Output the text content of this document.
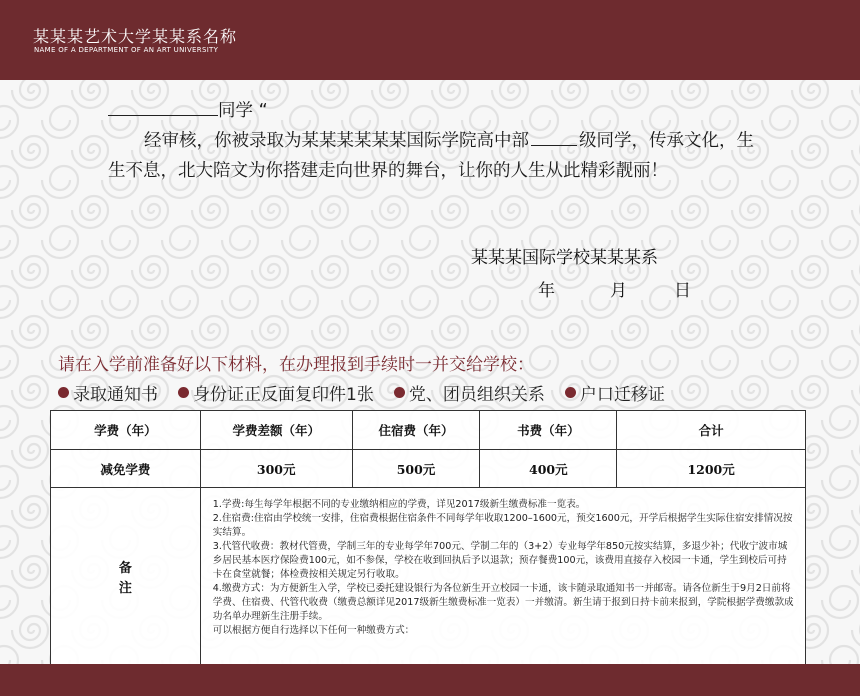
某某某艺术大学某某系名称
NAME OF A DEPARTMENT OF AN ART UNIVERSITY
同学 “
经审核，你被录取为某某某某某某国际学院高中部	级同学，传承文化，生生不息，北大陪文为你搭建走向世界的舞台，让你的人生从此精彩靓丽！
某某某国际学校某某某系
年	月	日
请在入学前准备好以下材料，在办理报到手续时一并交给学校：
录取通知书 身份证正反面复印件1张 党、团员组织关系 户口迁移证
学费（年）	学费差额（年）	住宿费（年）	书费（年）	合计
减免学费	300元	500元	400元	1200元

备注	1.学费:每生每学年根据不同的专业缴纳相应的学费，详见2017级新生缴费标准一览表。
2.住宿费:住宿由学校统一安排，住宿费根据住宿条件不同每学年收取1200–1600元，预交1600元，开学后根据学生实际住宿安排情况按实结算。
3.代管代收费：教材代管费，学制三年的专业每学年700元、学制二年的（3+2）专业每学年850元按实结算，多退少补；代收宁波市城乡居民基本医疗保险费100元，如不参保，学校在收到回执后予以退款；预存餐费100元，该费用直接存入校园一卡通，学生到校后可持卡在食堂就餐；体检费按相关规定另行收取。
4.缴费方式：为方便新生入学，学校已委托建设银行为各位新生开立校园一卡通，该卡随录取通知书一并邮寄。请各位新生于9月2日前将学费、住宿费、代管代收费（缴费总额详见2017级新生缴费标准一览表）一并缴清。新生请于报到日持卡前来报到，学院根据学费缴款成功名单办理新生注册手续。
可以根据方便自行选择以下任何一种缴费方式：			
